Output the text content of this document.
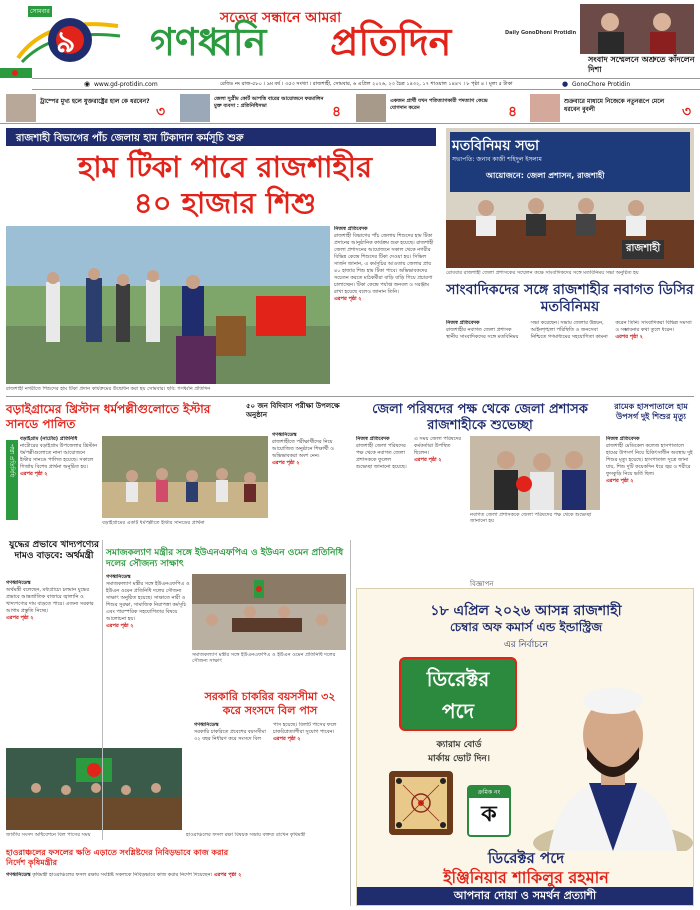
৯
সোমবার	সত্যের সন্ধানে আমরা
গণধ্বনি প্রতিদিন	Daily GonoDhoni Protidin
সংবাদ সম্মেলনে অশ্রুতে কাঁদলেন দিশা
◉ www.gd-protidin.com	রেজিঃ নং রাজ-৫৮০ । ৯ম বর্ষ । ৩৫৩ সংখ্যা । রাজশাহী, সোমবার, ৬ এপ্রিল ২০২৬, ২৩ চৈত্র ১৪৩২, ১৭ শাওয়াল ১৪৪৭ । ৮ পৃষ্ঠা ৪ । মূল্য ৫ টাকা	● GonoChore Protidin
ট্রাম্পের মুখ্য হলে যুক্তরাষ্ট্রের হাল কে ধরবেন?
৩
জেলা সুপ্রীম কোর্ট আপত্তি বারের আয়োজনে ফরমালিন মুক্ত ব্যবসা : প্রতিনিধিসভা	৪
একজন প্রার্থী যখন পতিত্যাগকারী পদত্যাগ কেন্দ্রে যোগদান করেন	৪
শুক্রবারে মাধ্যমে নিজেকে নতুনরূপে মেলে ধরবেন বুবলী	৩
রাজশাহী বিভাগের পাঁচ জেলায় হাম টিকাদান কর্মসূচি শুরু
হাম টিকা পাবে রাজশাহীর
৪০ হাজার শিশু
নিজস্ব প্রতিবেদক
রাজশাহী বিভাগের পাঁচ জেলায় শিশুদের হাম টিকা প্রদানের আনুষ্ঠানিক কার্যক্রম শুরু হয়েছে। রাজশাহী জেলা প্রশাসনের আয়োজনে সকাল থেকে নগরীর বিভিন্ন কেন্দ্রে শিশুদের টিকা দেওয়া হয়। সিভিল সার্জন জানান, এ কর্মসূচির আওতায় জেলার প্রায় ৪০ হাজার শিশু হাম টিকা পাবে। অভিভাবকদের সচেতন করতে মাঠকর্মীরা বাড়ি বাড়ি গিয়ে প্রচারণা চালাচ্ছেন। টিকা কেন্দ্রে পর্যাপ্ত জনবল ও সরঞ্জাম রাখা হয়েছে বলেও জানান তিনি।
এরপর পৃষ্ঠা ২
রাজশাহী নগরীতে শিশুদের হাম টিকা প্রদান কার্যক্রমের উদ্বোধন করা হয় সোমবার। ছবি: গণধ্বনি প্রতিদিন
মতবিনিময় সভা
সভাপতি: জনাব কাজী শহিদুল ইসলাম
আয়োজনে: জেলা প্রশাসন, রাজশাহী
রাজশাহী
রোববার রাজশাহী জেলা প্রশাসকের সম্মেলন কক্ষে সাংবাদিকদের সঙ্গে মতবিনিময় সভা অনুষ্ঠিত হয়
সাংবাদিকদের সঙ্গে রাজশাহীর নবাগত ডিসির মতবিনিময়
নিজস্ব প্রতিবেদক
রাজশাহীর নবাগত জেলা প্রশাসক স্থানীয় সাংবাদিকদের সঙ্গে মতবিনিময় সভা করেছেন। সভায় জেলার উন্নয়ন, আইনশৃঙ্খলা পরিস্থিতি ও জনসেবা নিশ্চিতে গণমাধ্যমের সহযোগিতা কামনা করেন তিনি। সাংবাদিকরা বিভিন্ন সমস্যা ও সম্ভাবনার কথা তুলে ধরেন।
এরপর পৃষ্ঠা ২
বড়াইগ্রামের খ্রিস্টান ধর্মপল্লীগুলোতে ইস্টার সানডে পালিত
পদ্মা প্রতিনিধি
বড়াইগ্রাম (নাটোর) প্রতিনিধি
নাটোরের বড়াইগ্রাম উপজেলার খ্রিস্টান ধর্মপল্লীগুলোতে নানা আয়োজনে ইস্টার সানডে পালিত হয়েছে। সকালে গির্জায় বিশেষ প্রার্থনা অনুষ্ঠিত হয়।
এরপর পৃষ্ঠা ২
বড়াইগ্রামের একটি ধর্মপল্লীতে ইস্টার সানডের প্রার্থনা
৫০ জন বিদিবাস পরীক্ষা উপলক্ষে অনুষ্ঠান
গণধ্বনিডেস্ক
রাজশাহীতে পরীক্ষার্থীদের নিয়ে আয়োজিত অনুষ্ঠানে শিক্ষার্থী ও অভিভাবকরা অংশ নেন।
এরপর পৃষ্ঠা ২
জেলা পরিষদের পক্ষ থেকে জেলা প্রশাসক রাজশাহীকে শুভেচ্ছা
নিজস্ব প্রতিবেদক
রাজশাহী জেলা পরিষদের পক্ষ থেকে নবাগত জেলা প্রশাসককে ফুলেল শুভেচ্ছা জানানো হয়েছে। এ সময় জেলা পরিষদের কর্মকর্তারা উপস্থিত ছিলেন।
এরপর পৃষ্ঠা ২
নবাগত জেলা প্রশাসককে জেলা পরিষদের পক্ষ থেকে শুভেচ্ছা জানানো হয়
রামেক হাসপাতালে হাম উপসর্গ দুই শিশুর মৃত্যু
নিজস্ব প্রতিবেদক
রাজশাহী মেডিকেল কলেজ হাসপাতালে হামের উপসর্গ নিয়ে চিকিৎসাধীন অবস্থায় দুই শিশুর মৃত্যু হয়েছে। হাসপাতাল সূত্রে জানা যায়, শিশু দুটি কয়েকদিন ধরে জ্বর ও শরীরে ফুসকুড়ি নিয়ে ভর্তি ছিল।
এরপর পৃষ্ঠা ২
সমাজকল্যাণ মন্ত্রীর সঙ্গে ইউএনএফপিএ ও ইউএন ওমেন প্রতিনিধি দলের সৌজন্য সাক্ষাৎ
গণধ্বনিডেস্ক
সমাজকল্যাণ মন্ত্রীর সঙ্গে ইউএনএফপিএ ও ইউএন ওমেন প্রতিনিধি দলের সৌজন্য সাক্ষাৎ অনুষ্ঠিত হয়েছে। সাক্ষাতে নারী ও শিশুর সুরক্ষা, সামাজিক নিরাপত্তা কর্মসূচি এবং পারস্পরিক সহযোগিতার বিষয়ে আলোচনা হয়।
এরপর পৃষ্ঠা ২
সমাজকল্যাণ মন্ত্রীর সঙ্গে ইউএনএফপিএ ও ইউএন ওমেন প্রতিনিধি দলের সৌজন্য সাক্ষাৎ
যুদ্ধের প্রভাবে খাদ্যপণ্যের দামও বাড়বে: অর্থমন্ত্রী
গণধ্বনিডেস্ক
অর্থমন্ত্রী বলেছেন, মধ্যপ্রাচ্যে চলমান যুদ্ধের প্রভাবে আন্তর্জাতিক বাজারে জ্বালানি ও খাদ্যপণ্যের দাম বাড়তে পারে। এজন্য সরকার আগাম প্রস্তুতি নিচ্ছে।
এরপর পৃষ্ঠা ২
সরকারি চাকরির বয়সসীমা ৩২ করে সংসদে বিল পাস
জাতীয় সংসদ অধিবেশনে বিল পাসের সময়
গণধ্বনিডেস্ক
সরকারি চাকরিতে প্রবেশের বয়সসীমা ৩২ বছর নির্ধারণ করে সংসদে বিল পাস হয়েছে। বিলটি পাসের ফলে চাকরিপ্রত্যাশীরা সুযোগ পাবেন।
এরপর পৃষ্ঠা ২
হাওরাঞ্চলের ফসলের ক্ষতি এড়াতে সংশ্লিষ্টদের নিবিড়ভাবে কাজ করার নির্দেশ কৃষিমন্ত্রীর
গণধ্বনিডেস্ক কৃষিমন্ত্রী হাওরাঞ্চলের ফসল রক্ষায় সংশ্লিষ্ট সকলকে নিবিড়ভাবে কাজ করার নির্দেশ দিয়েছেন। এরপর পৃষ্ঠা ২
হাওরাঞ্চলের ফসল রক্ষা বিষয়ক সভায় বক্তব্য রাখেন কৃষিমন্ত্রী
বিজ্ঞাপন
১৮ এপ্রিল ২০২৬ আসন্ন রাজশাহী
চেম্বার অফ কমার্স এন্ড ইন্ডাস্ট্রিজ
এর নির্বাচনে
ডিরেক্টর
পদে
ক্যারাম বোর্ড
মার্কায় ভোট দিন।
ক্রমিক নং
ক
ডিরেক্টর পদে
ইঞ্জিনিয়ার শাকিলুর রহমান
আপনার দোয়া ও সমর্থন প্রত্যাশী
